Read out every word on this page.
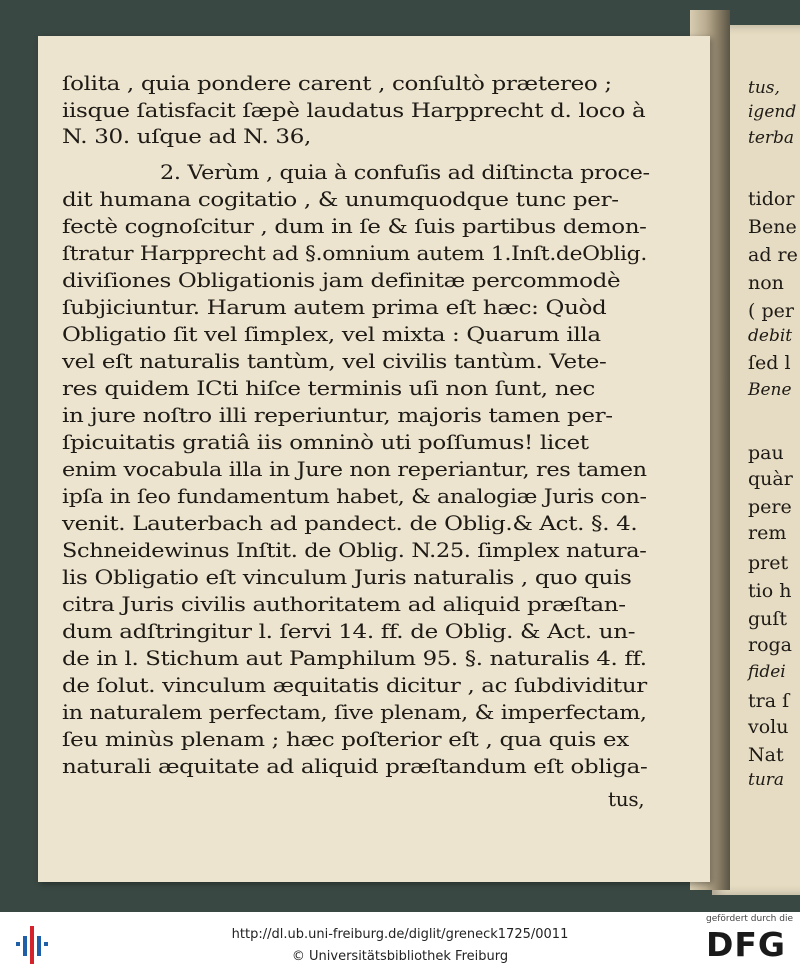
ſolita , quia pondere carent , conſultò prætereo ;
iisque ſatisfacit ſæpè laudatus Harpprecht d. loco à
N. 30. uſque ad N. 36,
2. Verùm , quia à confuſis ad diſtincta proce-
dit humana cogitatio , & unumquodque tunc per-
fectè cognoſcitur , dum in ſe & ſuis partibus demon-
ſtratur Harpprecht ad §.omnium autem 1.Inſt.deOblig.
diviſiones Obligationis jam definitæ percommodè
ſubjiciuntur. Harum autem prima eſt hæc: Quòd
Obligatio ſit vel ſimplex, vel mixta : Quarum illa
vel eſt naturalis tantùm, vel civilis tantùm. Vete-
res quidem ICti hiſce terminis uſi non ſunt, nec
in jure noſtro illi reperiuntur, majoris tamen per-
ſpicuitatis gratiâ iis omninò uti poſſumus! licet
enim vocabula illa in Jure non reperiantur, res tamen
ipſa in ſeo fundamentum habet, & analogiæ Juris con-
venit. Lauterbach ad pandect. de Oblig.& Act. §. 4.
Schneidewinus Inſtit. de Oblig. N.25. ſimplex natura-
lis Obligatio eſt vinculum Juris naturalis , quo quis
citra Juris civilis authoritatem ad aliquid præſtan-
dum adſtringitur l. ſervi 14. ff. de Oblig. & Act. un-
de in l. Stichum aut Pamphilum 95. §. naturalis 4. ff.
de ſolut. vinculum æquitatis dicitur , ac ſubdividitur
in naturalem perfectam, ſive plenam, & imperfectam,
ſeu minùs plenam ; hæc poſterior eſt , qua quis ex
naturali æquitate ad aliquid præſtandum eſt obliga-
tus,
tus,
igend
terba
tidor
Bene
ad re
non
( per
debit
ſed l
Bene
pau
quàr
pere
rem
pret
tio h
guſt
roga
fidei
tra ſ
volu
Nat
tura
http://dl.ub.uni-freiburg.de/diglit/greneck1725/0011
© Universitätsbibliothek Freiburg
gefördert durch die
DFG
